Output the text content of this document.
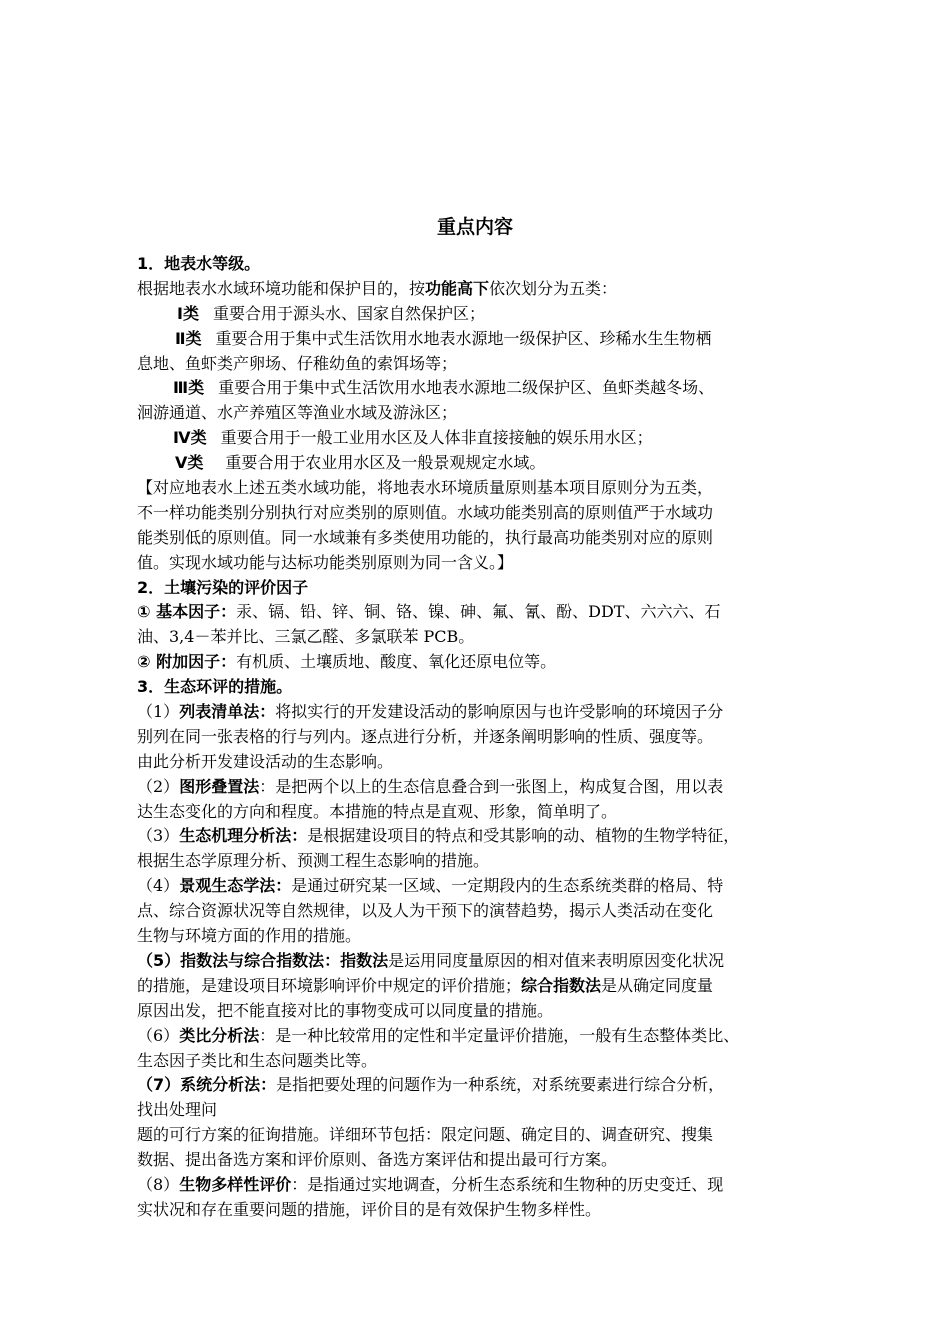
重点内容
1．地表水等级。
根据地表水水域环境功能和保护目的，按功能高下依次划分为五类：
Ⅰ类 重要合用于源头水、国家自然保护区；
Ⅱ类 重要合用于集中式生活饮用水地表水源地一级保护区、珍稀水生生物栖
息地、鱼虾类产卵场、仔稚幼鱼的索饵场等；
Ⅲ类 重要合用于集中式生活饮用水地表水源地二级保护区、鱼虾类越冬场、
洄游通道、水产养殖区等渔业水域及游泳区；
Ⅳ类 重要合用于一般工业用水区及人体非直接接触的娱乐用水区；
Ⅴ类 重要合用于农业用水区及一般景观规定水域。
【对应地表水上述五类水域功能，将地表水环境质量原则基本项目原则分为五类，
不一样功能类别分别执行对应类别的原则值。水域功能类别高的原则值严于水域功
能类别低的原则值。同一水域兼有多类使用功能的，执行最高功能类别对应的原则
值。实现水域功能与达标功能类别原则为同一含义。】
2．土壤污染的评价因子
① 基本因子：汞、镉、铅、锌、铜、铬、镍、砷、氟、氰、酚、DDT、六六六、石
油、3,4－苯并比、三氯乙醛、多氯联苯 PCB。
② 附加因子：有机质、土壤质地、酸度、氧化还原电位等。
3．生态环评的措施。
（1）列表清单法：将拟实行的开发建设活动的影响原因与也许受影响的环境因子分
别列在同一张表格的行与列内。逐点进行分析，并逐条阐明影响的性质、强度等。
由此分析开发建设活动的生态影响。
（2）图形叠置法：是把两个以上的生态信息叠合到一张图上，构成复合图，用以表
达生态变化的方向和程度。本措施的特点是直观、形象，简单明了。
（3）生态机理分析法：是根据建设项目的特点和受其影响的动、植物的生物学特征，
根据生态学原理分析、预测工程生态影响的措施。
（4）景观生态学法：是通过研究某一区域、一定期段内的生态系统类群的格局、特
点、综合资源状况等自然规律，以及人为干预下的演替趋势，揭示人类活动在变化
生物与环境方面的作用的措施。
（5）指数法与综合指数法：指数法是运用同度量原因的相对值来表明原因变化状况
的措施，是建设项目环境影响评价中规定的评价措施；综合指数法是从确定同度量
原因出发，把不能直接对比的事物变成可以同度量的措施。
（6）类比分析法：是一种比较常用的定性和半定量评价措施，一般有生态整体类比、
生态因子类比和生态问题类比等。
（7）系统分析法：是指把要处理的问题作为一种系统，对系统要素进行综合分析，
找出处理问
题的可行方案的征询措施。详细环节包括：限定问题、确定目的、调查研究、搜集
数据、提出备选方案和评价原则、备选方案评估和提出最可行方案。
（8）生物多样性评价：是指通过实地调查，分析生态系统和生物种的历史变迁、现
实状况和存在重要问题的措施，评价目的是有效保护生物多样性。
